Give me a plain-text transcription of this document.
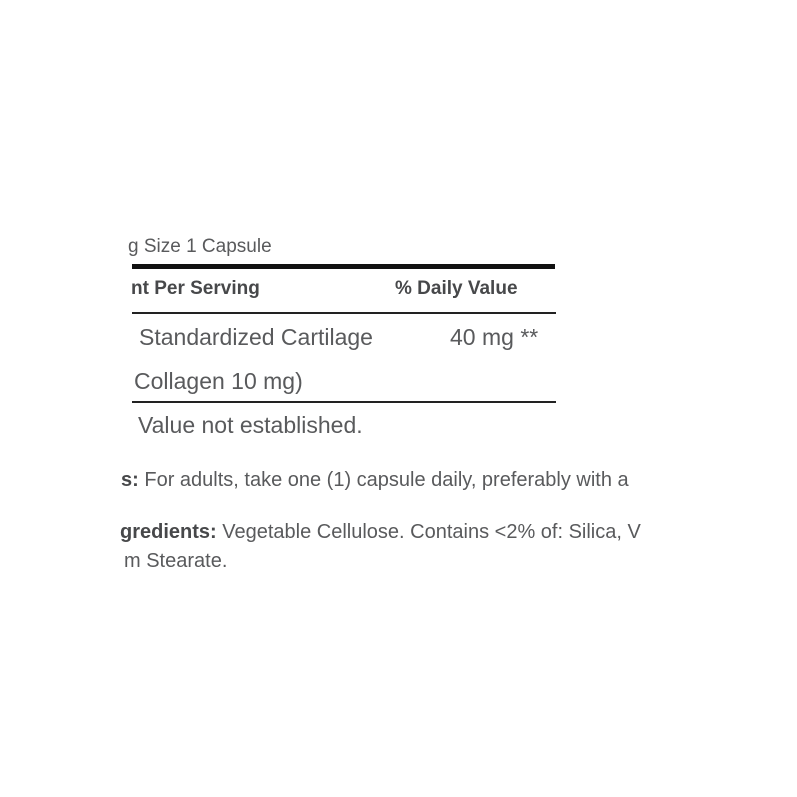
g Size 1 Capsule
nt Per Serving	% Daily Value
Standardized Cartilage	40 mg **
Collagen 10 mg)
Value not established.
s: For adults, take one (1) capsule daily, preferably with a
gredients: Vegetable Cellulose. Contains <2% of: Silica, V
m Stearate.
